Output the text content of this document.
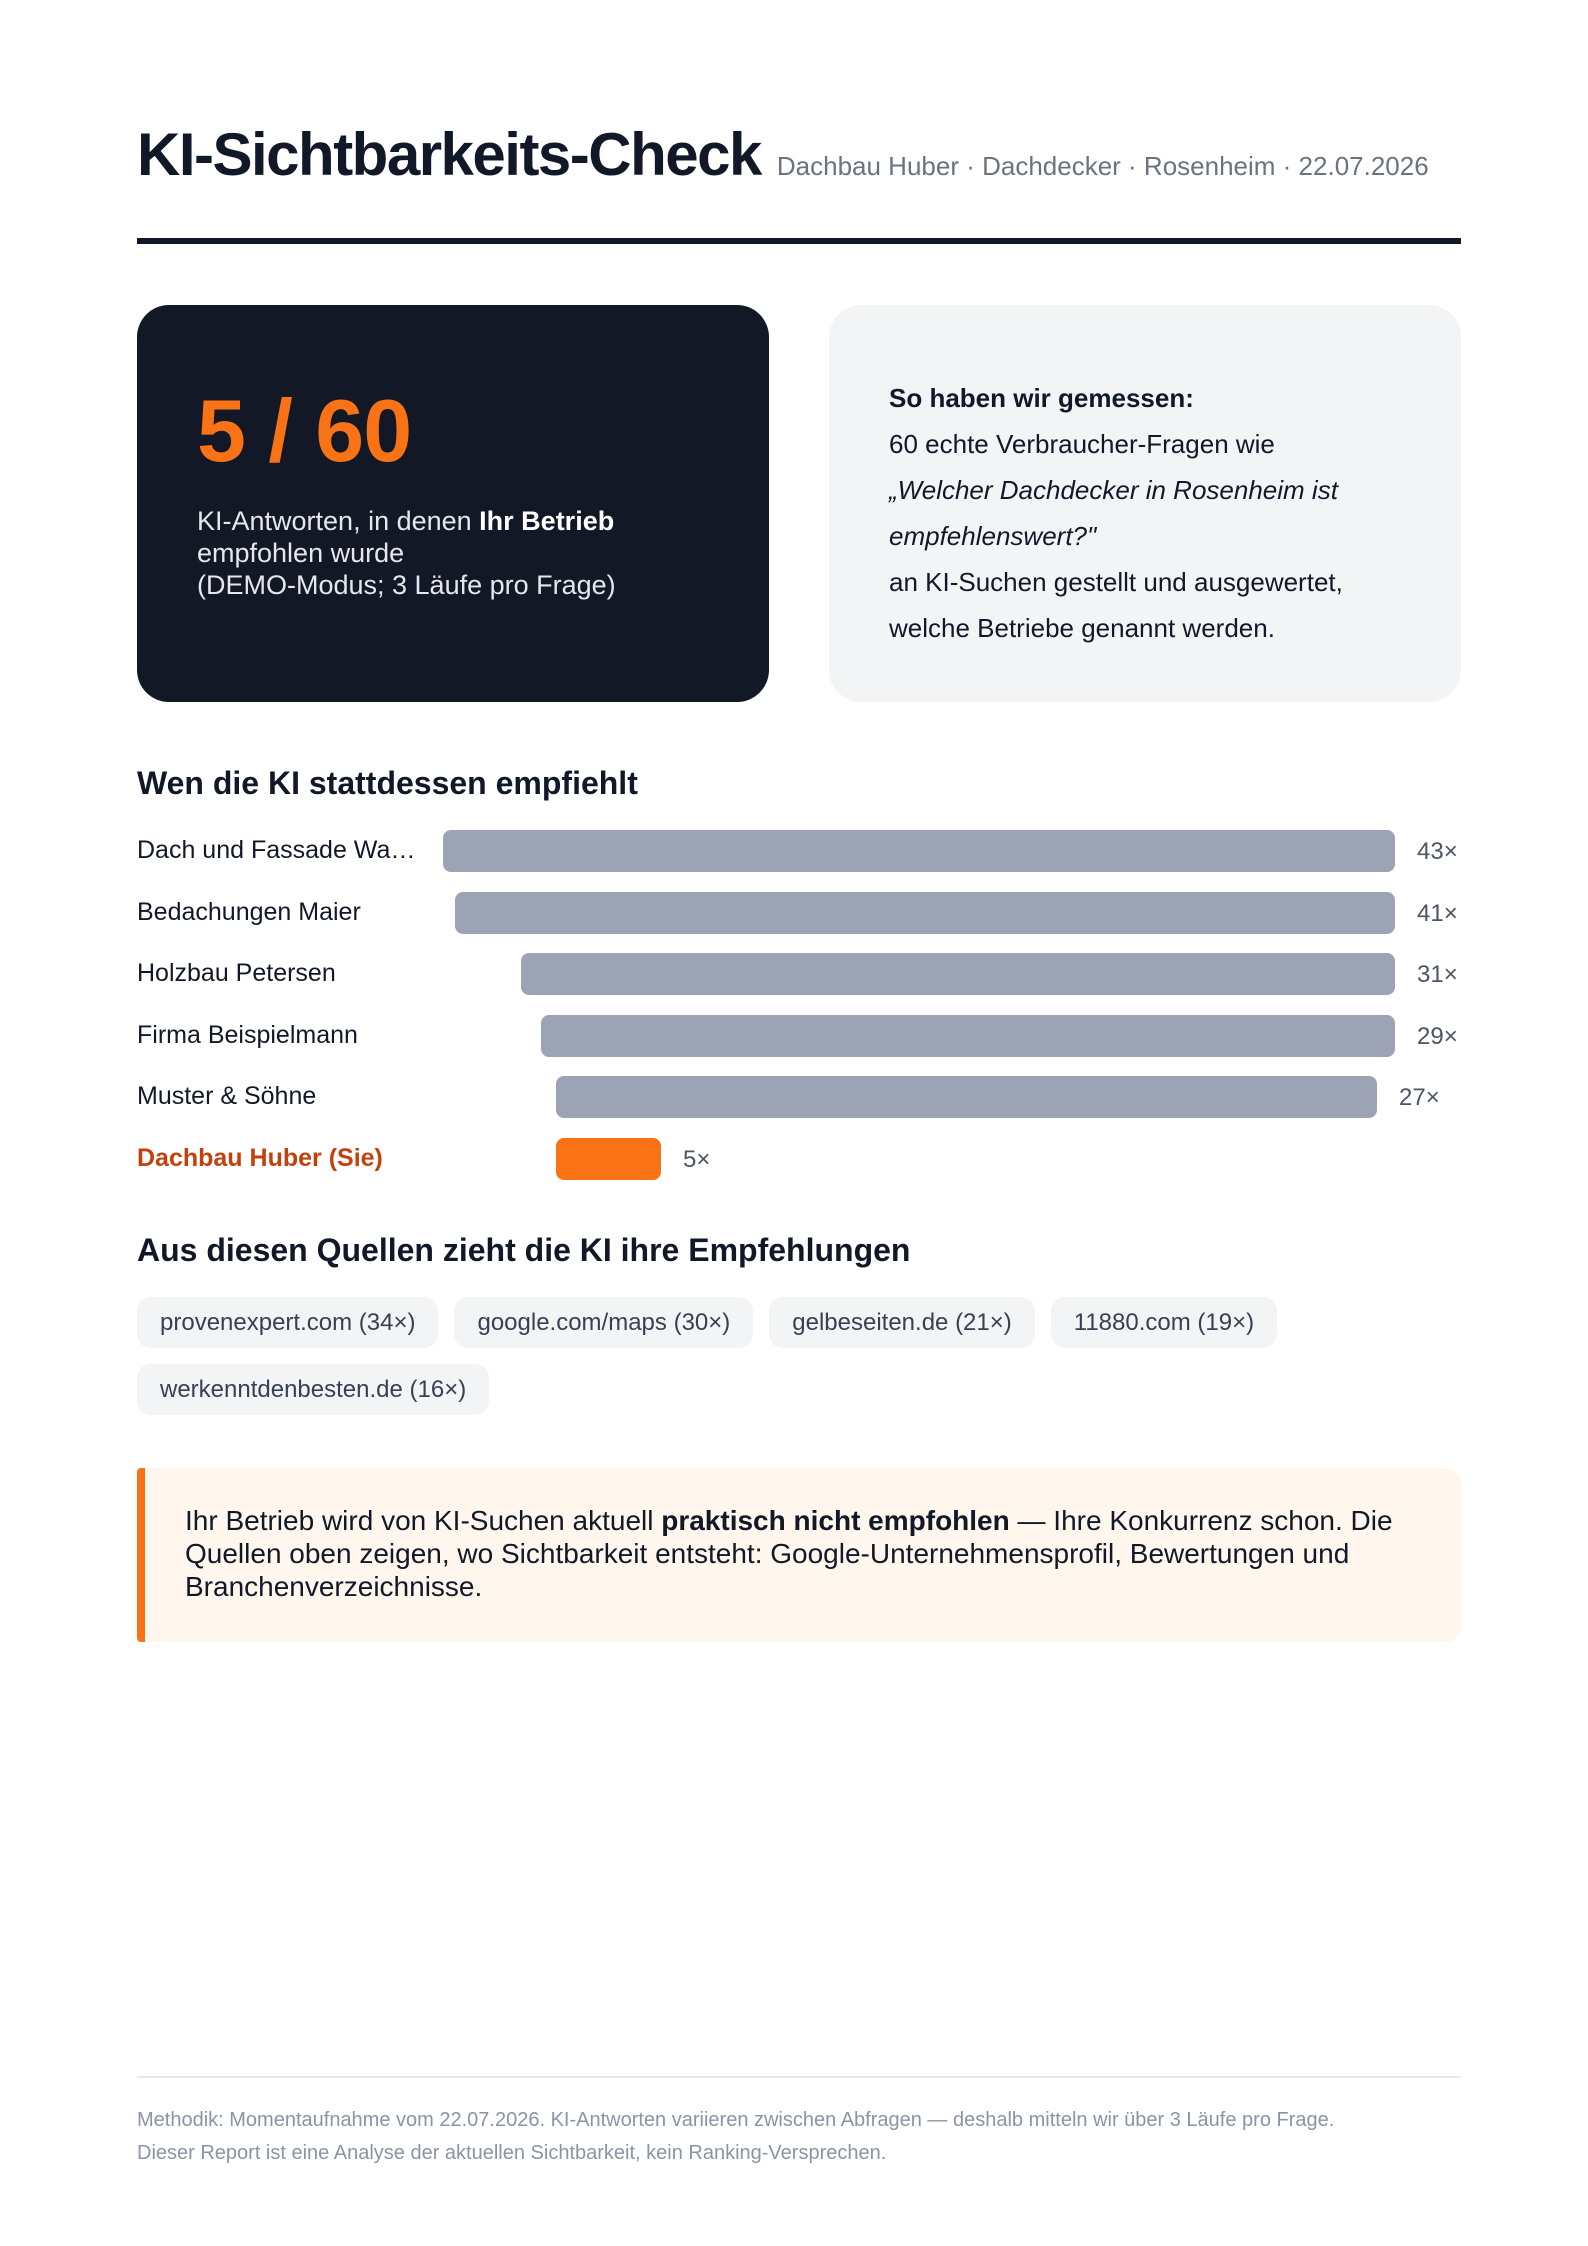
KI-Sichtbarkeits-Check Dachbau Huber · Dachdecker · Rosenheim · 22.07.2026
5 / 60
KI-Antworten, in denen Ihr Betrieb
empfohlen wurde
(DEMO-Modus; 3 Läufe pro Frage)
So haben wir gemessen:
60 echte Verbraucher-Fragen wie
„Welcher Dachdecker in Rosenheim ist
empfehlenswert?"
an KI-Suchen gestellt und ausgewertet,
welche Betriebe genannt werden.
Wen die KI stattdessen empfiehlt
Dach und Fassade Wa…	43×
Bedachungen Maier	41×
Holzbau Petersen	31×
Firma Beispielmann	29×
Muster & Söhne	27×
Dachbau Huber (Sie)	5×
Aus diesen Quellen zieht die KI ihre Empfehlungen
provenexpert.com (34×)	google.com/maps (30×)	gelbeseiten.de (21×)	11880.com (19×)
werkenntdenbesten.de (16×)
Ihr Betrieb wird von KI-Suchen aktuell praktisch nicht empfohlen — Ihre Konkurrenz schon. Die Quellen oben zeigen, wo Sichtbarkeit entsteht: Google-Unternehmensprofil, Bewertungen und Branchenverzeichnisse.
Methodik: Momentaufnahme vom 22.07.2026. KI-Antworten variieren zwischen Abfragen — deshalb mitteln wir über 3 Läufe pro Frage.
Dieser Report ist eine Analyse der aktuellen Sichtbarkeit, kein Ranking-Versprechen.
